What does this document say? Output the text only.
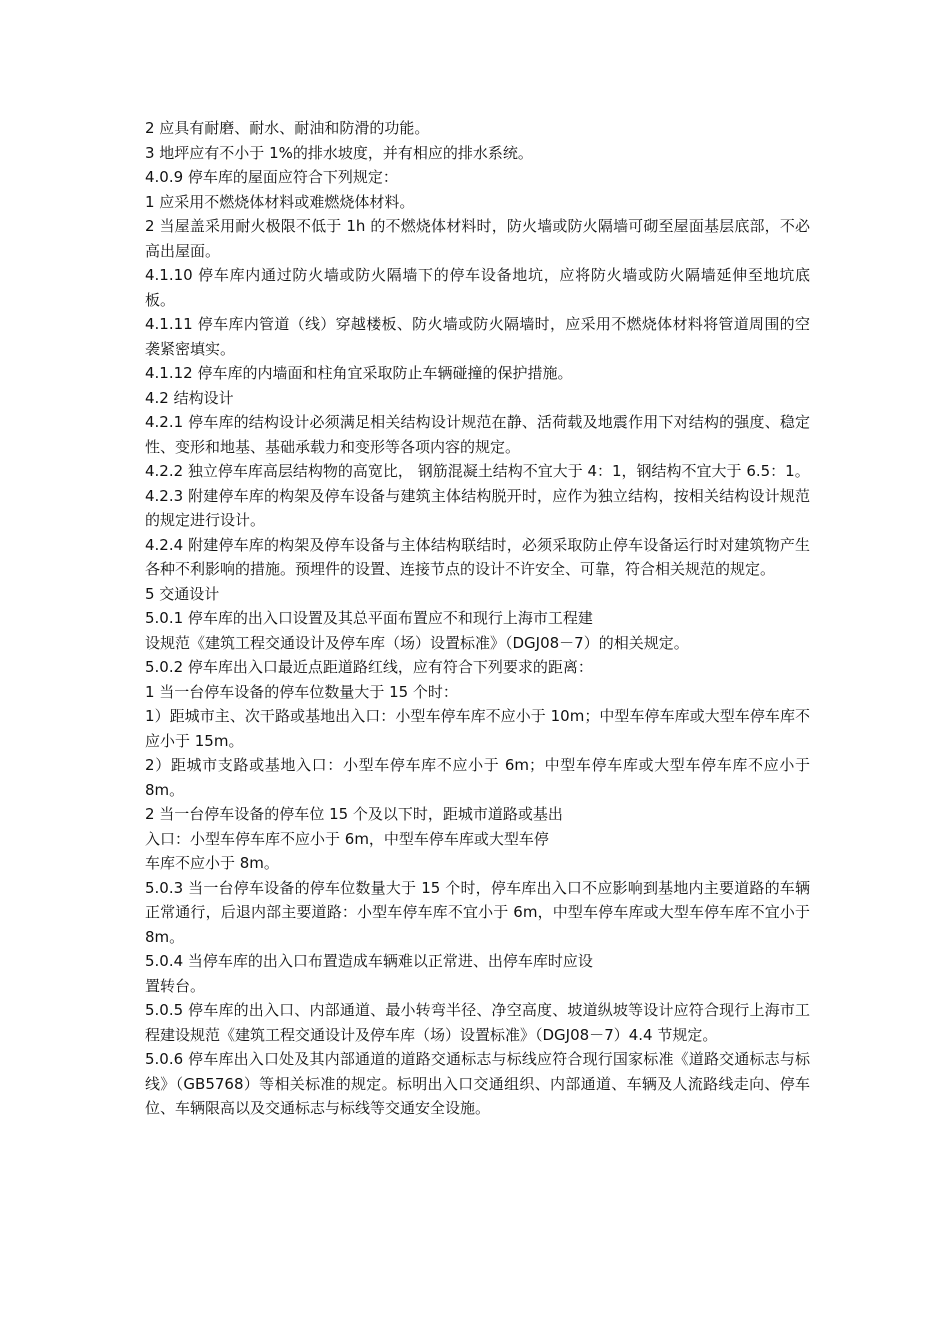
2 应具有耐磨、耐水、耐油和防滑的功能。

3 地坪应有不小于 1%的排水坡度，并有相应的排水系统。

4.0.9 停车库的屋面应符合下列规定：

1 应采用不燃烧体材料或难燃烧体材料。

2 当屋盖采用耐火极限不低于 1h 的不燃烧体材料时，防火墙或防火隔墙可砌至屋面基层底部，不必高出屋面。

4.1.10 停车库内通过防火墙或防火隔墙下的停车设备地坑，应将防火墙或防火隔墙延伸至地坑底板。

4.1.11 停车库内管道（线）穿越楼板、防火墙或防火隔墙时，应采用不燃烧体材料将管道周围的空袭紧密填实。

4.1.12 停车库的内墙面和柱角宜采取防止车辆碰撞的保护措施。

4.2 结构设计

4.2.1 停车库的结构设计必须满足相关结构设计规范在静、活荷载及地震作用下对结构的强度、稳定性、变形和地基、基础承载力和变形等各项内容的规定。

4.2.2 独立停车库高层结构物的高宽比， 钢筋混凝土结构不宜大于 4：1，钢结构不宜大于 6.5：1。

4.2.3 附建停车库的构架及停车设备与建筑主体结构脱开时，应作为独立结构，按相关结构设计规范的规定进行设计。

4.2.4 附建停车库的构架及停车设备与主体结构联结时，必须采取防止停车设备运行时对建筑物产生各种不利影响的措施。预埋件的设置、连接节点的设计不许安全、可靠，符合相关规范的规定。

5 交通设计

5.0.1 停车库的出入口设置及其总平面布置应不和现行上海市工程建

设规范《建筑工程交通设计及停车库（场）设置标准》（DGJ08－7）的相关规定。

5.0.2 停车库出入口最近点距道路红线，应有符合下列要求的距离：

1 当一台停车设备的停车位数量大于 15 个时：

1）距城市主、次干路或基地出入口：小型车停车库不应小于 10m；中型车停车库或大型车停车库不应小于 15m。

2）距城市支路或基地入口：小型车停车库不应小于 6m；中型车停车库或大型车停车库不应小于 8m。

2 当一台停车设备的停车位 15 个及以下时，距城市道路或基出

入口：小型车停车库不应小于 6m，中型车停车库或大型车停

车库不应小于 8m。

5.0.3 当一台停车设备的停车位数量大于 15 个时，停车库出入口不应影响到基地内主要道路的车辆正常通行，后退内部主要道路：小型车停车库不宜小于 6m，中型车停车库或大型车停车库不宜小于 8m。

5.0.4 当停车库的出入口布置造成车辆难以正常进、出停车库时应设

置转台。

5.0.5 停车库的出入口、内部通道、最小转弯半径、净空高度、坡道纵坡等设计应符合现行上海市工程建设规范《建筑工程交通设计及停车库（场）设置标准》（DGJ08－7）4.4 节规定。

5.0.6 停车库出入口处及其内部通道的道路交通标志与标线应符合现行国家标准《道路交通标志与标线》（GB5768）等相关标准的规定。标明出入口交通组织、内部通道、车辆及人流路线走向、停车位、车辆限高以及交通标志与标线等交通安全设施。
